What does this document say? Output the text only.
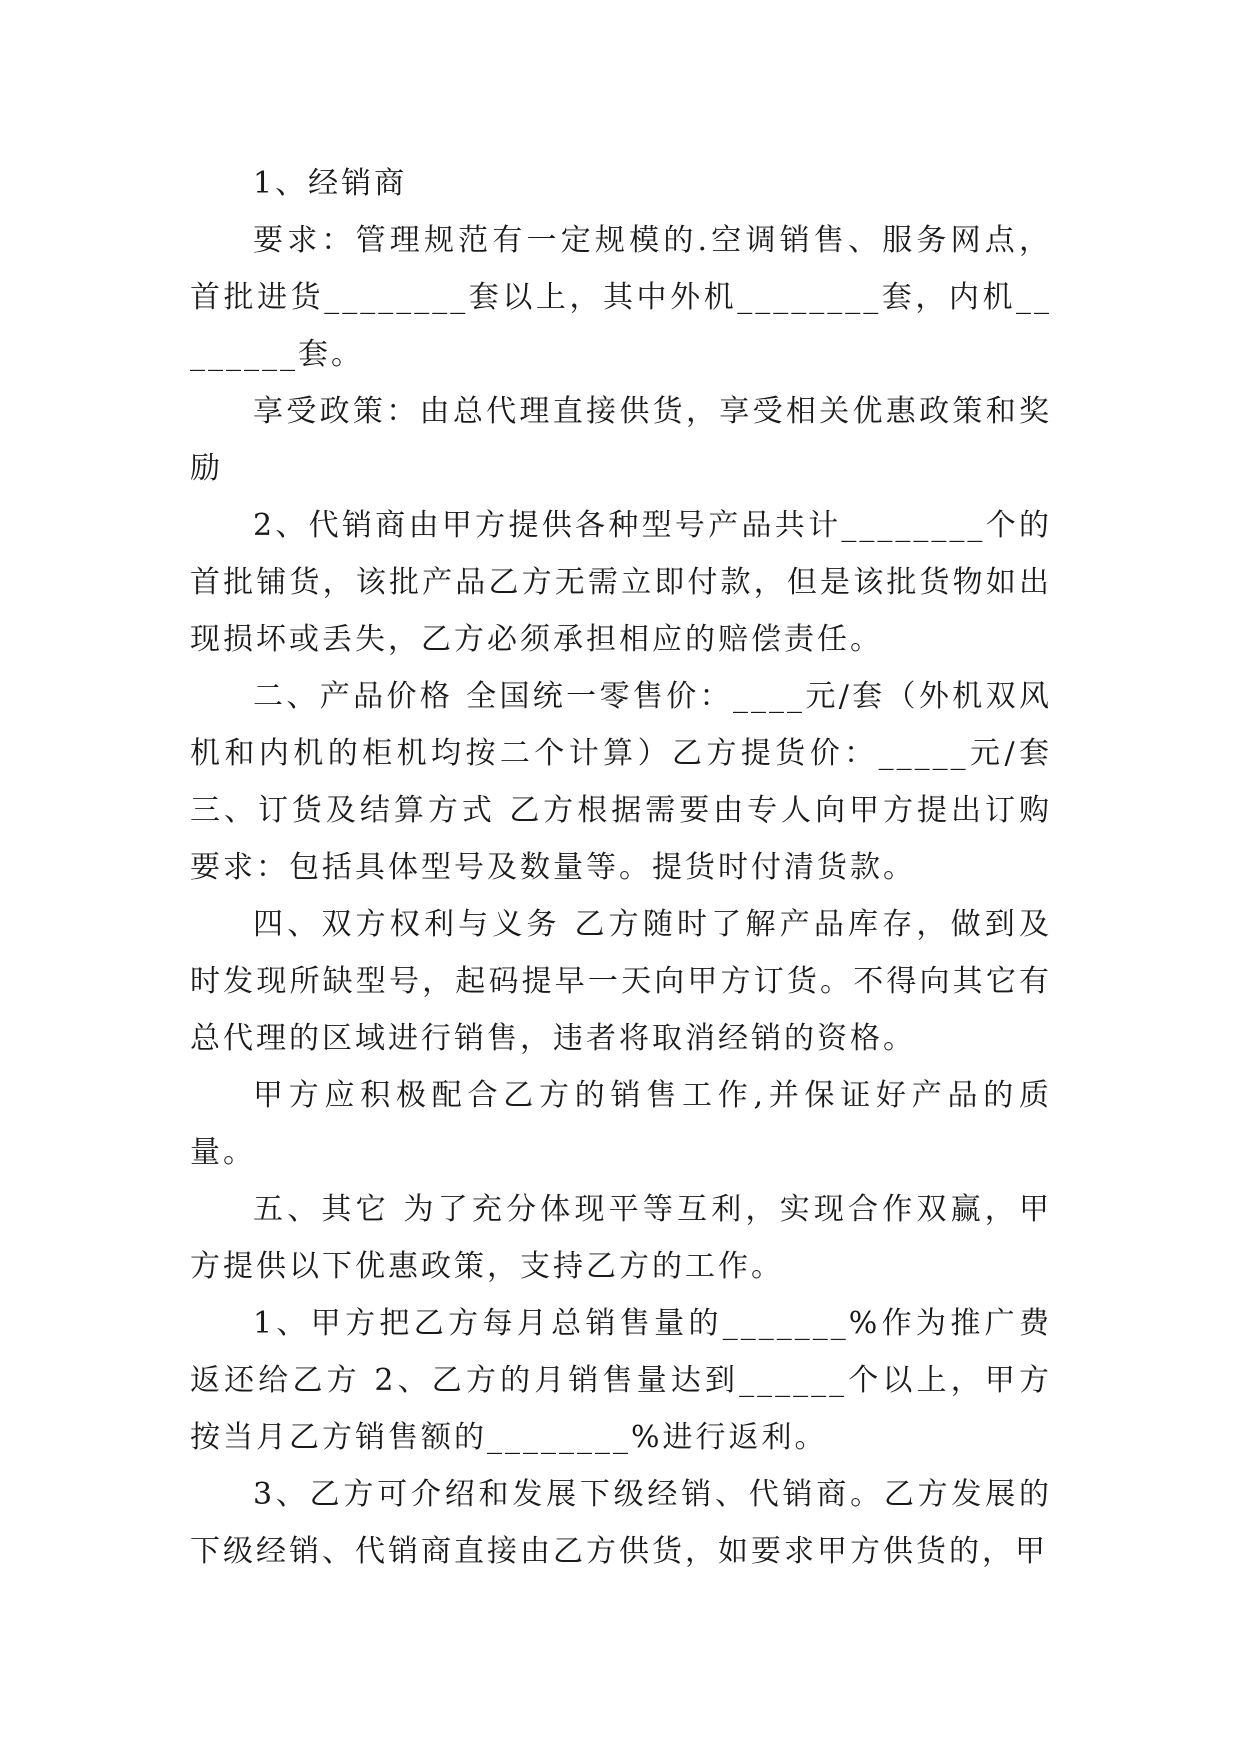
1、经销商

要求：管理规范有一定规模的.空调销售、服务网点，首批进货________套以上，其中外机________套，内机________套。

享受政策：由总代理直接供货，享受相关优惠政策和奖励

2、代销商由甲方提供各种型号产品共计________个的首批铺货，该批产品乙方无需立即付款，但是该批货物如出现损坏或丢失，乙方必须承担相应的赔偿责任。

二、产品价格 全国统一零售价：____元/套（外机双风机和内机的柜机均按二个计算）乙方提货价：_____元/套三、订货及结算方式 乙方根据需要由专人向甲方提出订购要求：包括具体型号及数量等。提货时付清货款。

四、双方权利与义务 乙方随时了解产品库存，做到及时发现所缺型号，起码提早一天向甲方订货。不得向其它有总代理的区域进行销售，违者将取消经销的资格。

甲方应积极配合乙方的销售工作,并保证好产品的质量。

五、其它 为了充分体现平等互利，实现合作双赢，甲方提供以下优惠政策，支持乙方的工作。

1、甲方把乙方每月总销售量的_______%作为推广费返还给乙方 2、乙方的月销售量达到______个以上，甲方按当月乙方销售额的________%进行返利。

3、乙方可介绍和发展下级经销、代销商。乙方发展的下级经销、代销商直接由乙方供货，如要求甲方供货的，甲
